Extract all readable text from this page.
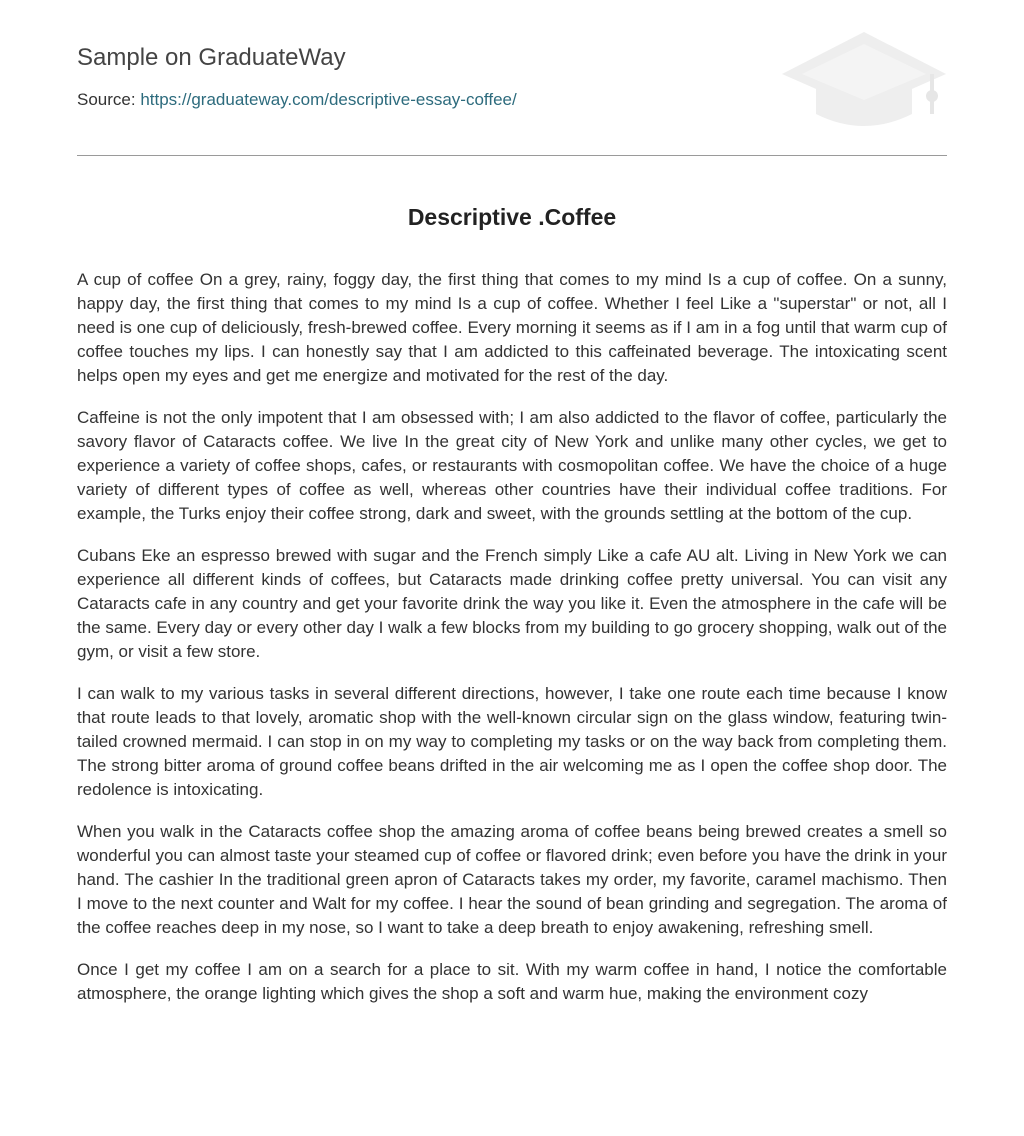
Sample on GraduateWay
Source: https://graduateway.com/descriptive-essay-coffee/
Descriptive .Coffee

A cup of coffee On a grey, rainy, foggy day, the first thing that comes to my mind Is a cup of coffee. On a sunny, happy day, the first thing that comes to my mind Is a cup of coffee. Whether I feel Like a "superstar" or not, all I need is one cup of deliciously, fresh-brewed coffee. Every morning it seems as if I am in a fog until that warm cup of coffee touches my lips. I can honestly say that I am addicted to this caffeinated beverage. The intoxicating scent helps open my eyes and get me energize and motivated for the rest of the day.

Caffeine is not the only impotent that I am obsessed with; I am also addicted to the flavor of coffee, particularly the savory flavor of Cataracts coffee. We live In the great city of New York and unlike many other cycles, we get to experience a variety of coffee shops, cafes, or restaurants with cosmopolitan coffee. We have the choice of a huge variety of different types of coffee as well, whereas other countries have their individual coffee traditions. For example, the Turks enjoy their coffee strong, dark and sweet, with the grounds settling at the bottom of the cup.

Cubans Eke an espresso brewed with sugar and the French simply Like a cafe AU alt. Living in New York we can experience all different kinds of coffees, but Cataracts made drinking coffee pretty universal. You can visit any Cataracts cafe in any country and get your favorite drink the way you like it. Even the atmosphere in the cafe will be the same. Every day or every other day I walk a few blocks from my building to go grocery shopping, walk out of the gym, or visit a few store.

I can walk to my various tasks in several different directions, however, I take one route each time because I know that route leads to that lovely, aromatic shop with the well-known circular sign on the glass window, featuring twin- tailed crowned mermaid. I can stop in on my way to completing my tasks or on the way back from completing them. The strong bitter aroma of ground coffee beans drifted in the air welcoming me as I open the coffee shop door. The redolence is intoxicating.

When you walk in the Cataracts coffee shop the amazing aroma of coffee beans being brewed creates a smell so wonderful you can almost taste your steamed cup of coffee or flavored drink; even before you have the drink in your hand. The cashier In the traditional green apron of Cataracts takes my order, my favorite, caramel machismo. Then I move to the next counter and Walt for my coffee. I hear the sound of bean grinding and segregation. The aroma of the coffee reaches deep in my nose, so I want to take a deep breath to enjoy awakening, refreshing smell.

Once I get my coffee I am on a search for a place to sit. With my warm coffee in hand, I notice the comfortable atmosphere, the orange lighting which gives the shop a soft and warm hue, making the environment cozy
